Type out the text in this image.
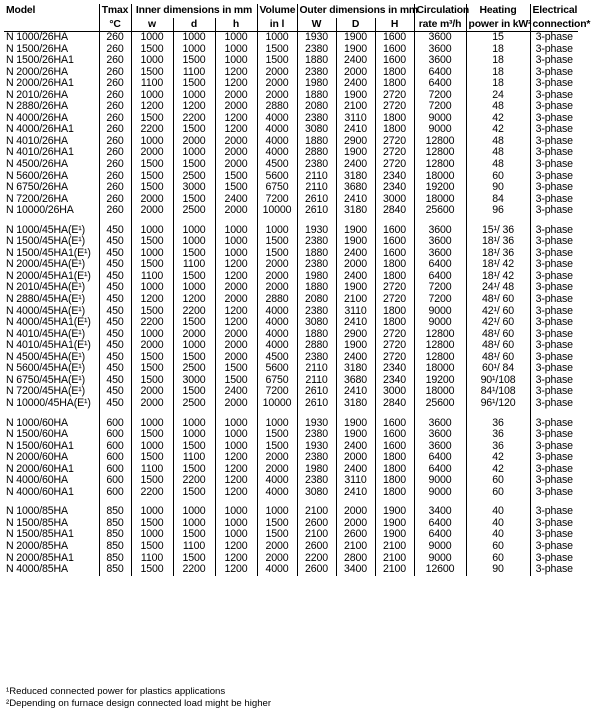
Model	Tmax	Inner dimensions in mm			Volume	Outer dimensions in mm			Circulation	Heating	Electrical
	°C	w	d	h	in l	W	D	H	rate m³/h	power in kW²	connection*
N 1000/26HA	260	1000	1000	1000	1000	1930	1900	1600	3600	15	3-phase
N 1500/26HA	260	1500	1000	1000	1500	2380	1900	1600	3600	18	3-phase
N 1500/26HA1	260	1000	1500	1000	1500	1880	2400	1600	3600	18	3-phase
N 2000/26HA	260	1500	1100	1200	2000	2380	2000	1800	6400	18	3-phase
N 2000/26HA1	260	1100	1500	1200	2000	1980	2400	1800	6400	18	3-phase
N 2010/26HA	260	1000	1000	2000	2000	1880	1900	2720	7200	24	3-phase
N 2880/26HA	260	1200	1200	2000	2880	2080	2100	2720	7200	48	3-phase
N 4000/26HA	260	1500	2200	1200	4000	2380	3110	1800	9000	42	3-phase
N 4000/26HA1	260	2200	1500	1200	4000	3080	2410	1800	9000	42	3-phase
N 4010/26HA	260	1000	2000	2000	4000	1880	2900	2720	12800	48	3-phase
N 4010/26HA1	260	2000	1000	2000	4000	2880	1900	2720	12800	48	3-phase
N 4500/26HA	260	1500	1500	2000	4500	2380	2400	2720	12800	48	3-phase
N 5600/26HA	260	1500	2500	1500	5600	2110	3180	2340	18000	60	3-phase
N 6750/26HA	260	1500	3000	1500	6750	2110	3680	2340	19200	90	3-phase
N 7200/26HA	260	2000	1500	2400	7200	2610	2410	3000	18000	84	3-phase
N 10000/26HA	260	2000	2500	2000	10000	2610	3180	2840	25600	96	3-phase

N 1000/45HA(E¹)	450	1000	1000	1000	1000	1930	1900	1600	3600	15¹/ 36	3-phase
N 1500/45HA(E¹)	450	1500	1000	1000	1500	2380	1900	1600	3600	18¹/ 36	3-phase
N 1500/45HA1(E¹)	450	1000	1500	1000	1500	1880	2400	1600	3600	18¹/ 36	3-phase
N 2000/45HA(E¹)	450	1500	1100	1200	2000	2380	2000	1800	6400	18¹/ 42	3-phase
N 2000/45HA1(E¹)	450	1100	1500	1200	2000	1980	2400	1800	6400	18¹/ 42	3-phase
N 2010/45HA(E¹)	450	1000	1000	2000	2000	1880	1900	2720	7200	24¹/ 48	3-phase
N 2880/45HA(E¹)	450	1200	1200	2000	2880	2080	2100	2720	7200	48¹/ 60	3-phase
N 4000/45HA(E¹)	450	1500	2200	1200	4000	2380	3110	1800	9000	42¹/ 60	3-phase
N 4000/45HA1(E¹)	450	2200	1500	1200	4000	3080	2410	1800	9000	42¹/ 60	3-phase
N 4010/45HA(E¹)	450	1000	2000	2000	4000	1880	2900	2720	12800	48¹/ 60	3-phase
N 4010/45HA1(E¹)	450	2000	1000	2000	4000	2880	1900	2720	12800	48¹/ 60	3-phase
N 4500/45HA(E¹)	450	1500	1500	2000	4500	2380	2400	2720	12800	48¹/ 60	3-phase
N 5600/45HA(E¹)	450	1500	2500	1500	5600	2110	3180	2340	18000	60¹/ 84	3-phase
N 6750/45HA(E¹)	450	1500	3000	1500	6750	2110	3680	2340	19200	90¹/108	3-phase
N 7200/45HA(E¹)	450	2000	1500	2400	7200	2610	2410	3000	18000	84¹/108	3-phase
N 10000/45HA(E¹)	450	2000	2500	2000	10000	2610	3180	2840	25600	96¹/120	3-phase

N 1000/60HA	600	1000	1000	1000	1000	1930	1900	1600	3600	36	3-phase
N 1500/60HA	600	1500	1000	1000	1500	2380	1900	1600	3600	36	3-phase
N 1500/60HA1	600	1000	1500	1000	1500	1930	2400	1600	3600	36	3-phase
N 2000/60HA	600	1500	1100	1200	2000	2380	2000	1800	6400	42	3-phase
N 2000/60HA1	600	1100	1500	1200	2000	1980	2400	1800	6400	42	3-phase
N 4000/60HA	600	1500	2200	1200	4000	2380	3110	1800	9000	60	3-phase
N 4000/60HA1	600	2200	1500	1200	4000	3080	2410	1800	9000	60	3-phase

N 1000/85HA	850	1000	1000	1000	1000	2100	2000	1900	3400	40	3-phase
N 1500/85HA	850	1500	1000	1000	1500	2600	2000	1900	6400	40	3-phase
N 1500/85HA1	850	1000	1500	1000	1500	2100	2600	1900	6400	40	3-phase
N 2000/85HA	850	1500	1100	1200	2000	2600	2100	2100	9000	60	3-phase
N 2000/85HA1	850	1100	1500	1200	2000	2200	2800	2100	9000	60	3-phase
N 4000/85HA	850	1500	2200	1200	4000	2600	3400	2100	12600	90	3-phase
¹Reduced connected power for plastics applications
²Depending on furnace design connected load might be higher
